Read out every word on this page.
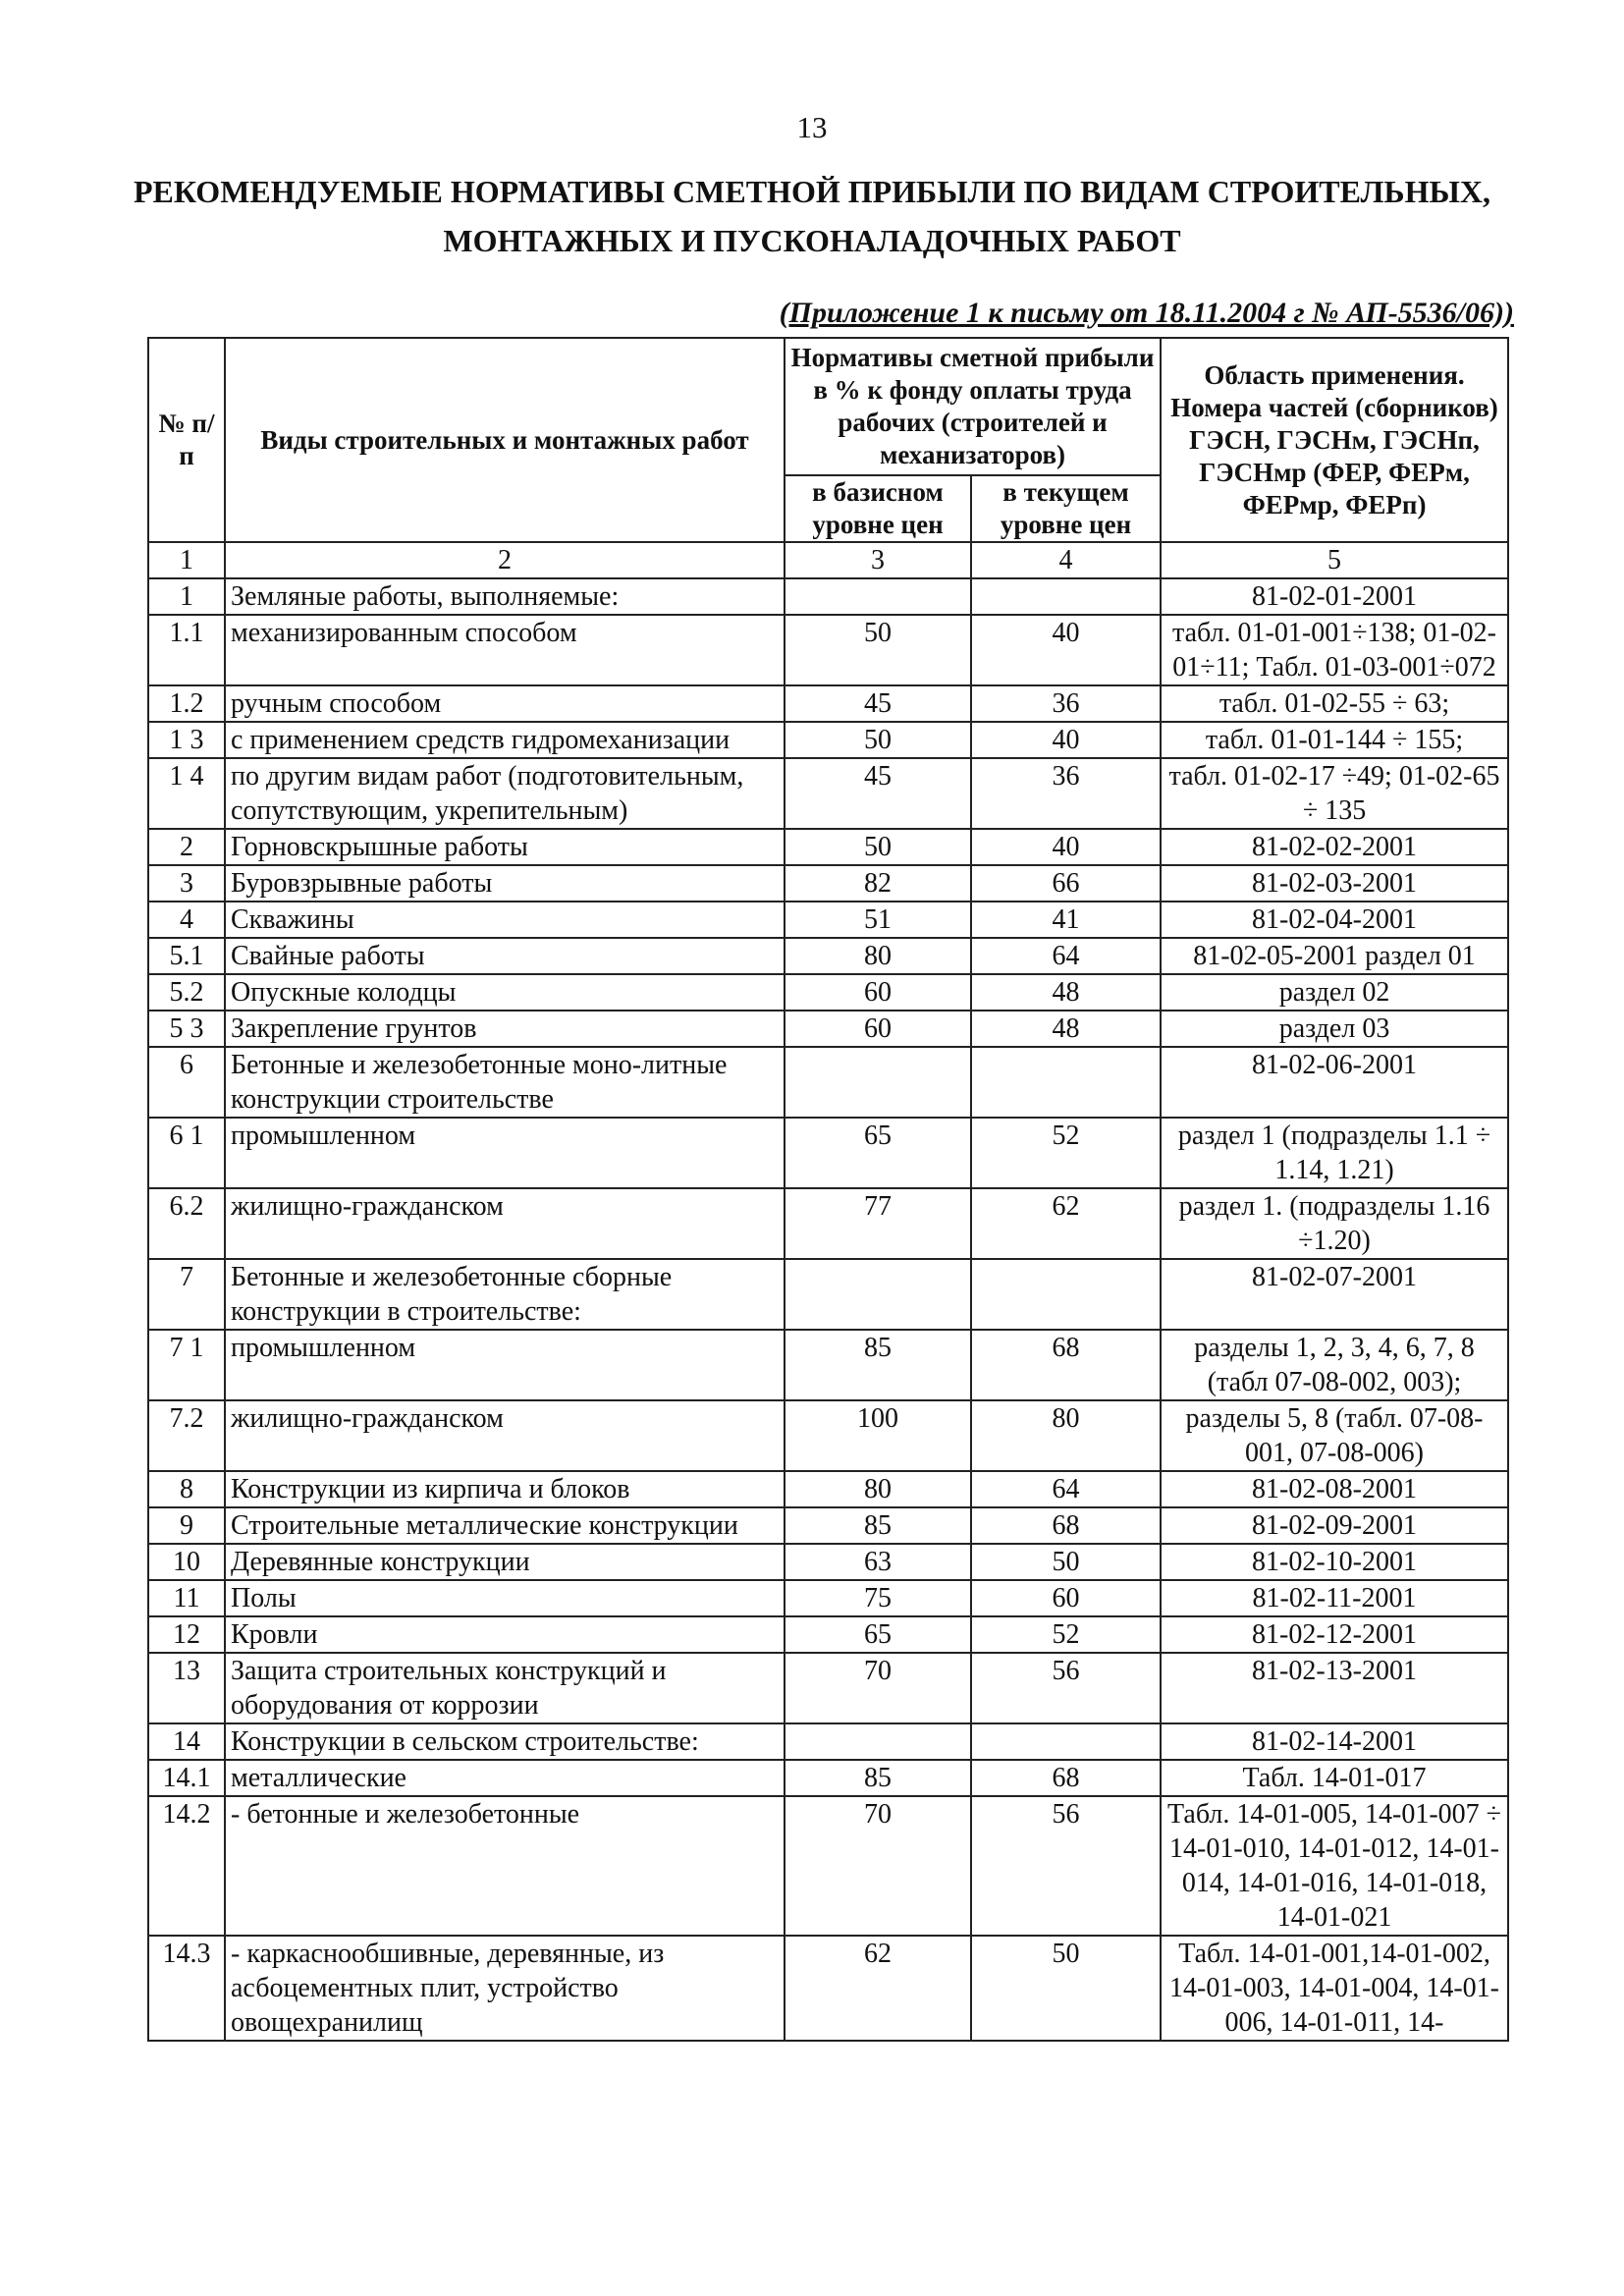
13
РЕКОМЕНДУЕМЫЕ НОРМАТИВЫ СМЕТНОЙ ПРИБЫЛИ ПО ВИДАМ СТРОИТЕЛЬНЫХ,
МОНТАЖНЫХ И ПУСКОНАЛАДОЧНЫХ РАБОТ
(Приложение 1 к письму от 18.11.2004 г № АП-5536/06))
№ п/п	Виды строительных и монтажных работ	Нормативы сметной прибыли в % к фонду оплаты труда рабочих (строителей и механизаторов)		Область применения. Номера частей (сборников) ГЭСН, ГЭСНм, ГЭСНп, ГЭСНмр (ФЕР, ФЕРм, ФЕРмр, ФЕРп)
		в базисном уровне цен	в текущем уровне цен	
1	2	3	4	5
1	Земляные работы, выполняемые:			81-02-01-2001
1.1	механизированным способом	50	40	табл. 01-01-001÷138; 01-02-01÷11; Табл. 01-03-001÷072
1.2	ручным способом	45	36	табл. 01-02-55 ÷ 63;
1 3	с применением средств гидромеханизации	50	40	табл. 01-01-144 ÷ 155;
1 4	по другим видам работ (подготовительным, сопутствующим, укрепительным)	45	36	табл. 01-02-17 ÷49; 01-02-65 ÷ 135
2	Горновскрышные работы	50	40	81-02-02-2001
3	Буровзрывные работы	82	66	81-02-03-2001
4	Скважины	51	41	81-02-04-2001
5.1	Свайные работы	80	64	81-02-05-2001 раздел 01
5.2	Опускные колодцы	60	48	раздел 02
5 3	Закрепление грунтов	60	48	раздел 03
6	Бетонные и железобетонные моно-литные конструкции строительстве			81-02-06-2001
6 1	промышленном	65	52	раздел 1 (подразделы 1.1 ÷ 1.14, 1.21)
6.2	жилищно-гражданском	77	62	раздел 1. (подразделы 1.16 ÷1.20)
7	Бетонные и железобетонные сборные конструкции в строительстве:			81-02-07-2001
7 1	промышленном	85	68	разделы 1, 2, 3, 4, 6, 7, 8 (табл 07-08-002, 003);
7.2	жилищно-гражданском	100	80	разделы 5, 8 (табл. 07-08-001, 07-08-006)
8	Конструкции из кирпича и блоков	80	64	81-02-08-2001
9	Строительные металлические конструкции	85	68	81-02-09-2001
10	Деревянные конструкции	63	50	81-02-10-2001
11	Полы	75	60	81-02-11-2001
12	Кровли	65	52	81-02-12-2001
13	Защита строительных конструкций и оборудования от коррозии	70	56	81-02-13-2001
14	Конструкции в сельском строительстве:			81-02-14-2001
14.1	металлические	85	68	Табл. 14-01-017
14.2	- бетонные и железобетонные	70	56	Табл. 14-01-005, 14-01-007 ÷ 14-01-010, 14-01-012, 14-01-014, 14-01-016, 14-01-018, 14-01-021
14.3	- каркаснообшивные, деревянные, из асбоцементных плит, устройство овощехранилищ	62	50	Табл. 14-01-001,14-01-002, 14-01-003, 14-01-004, 14-01-006, 14-01-011, 14-
